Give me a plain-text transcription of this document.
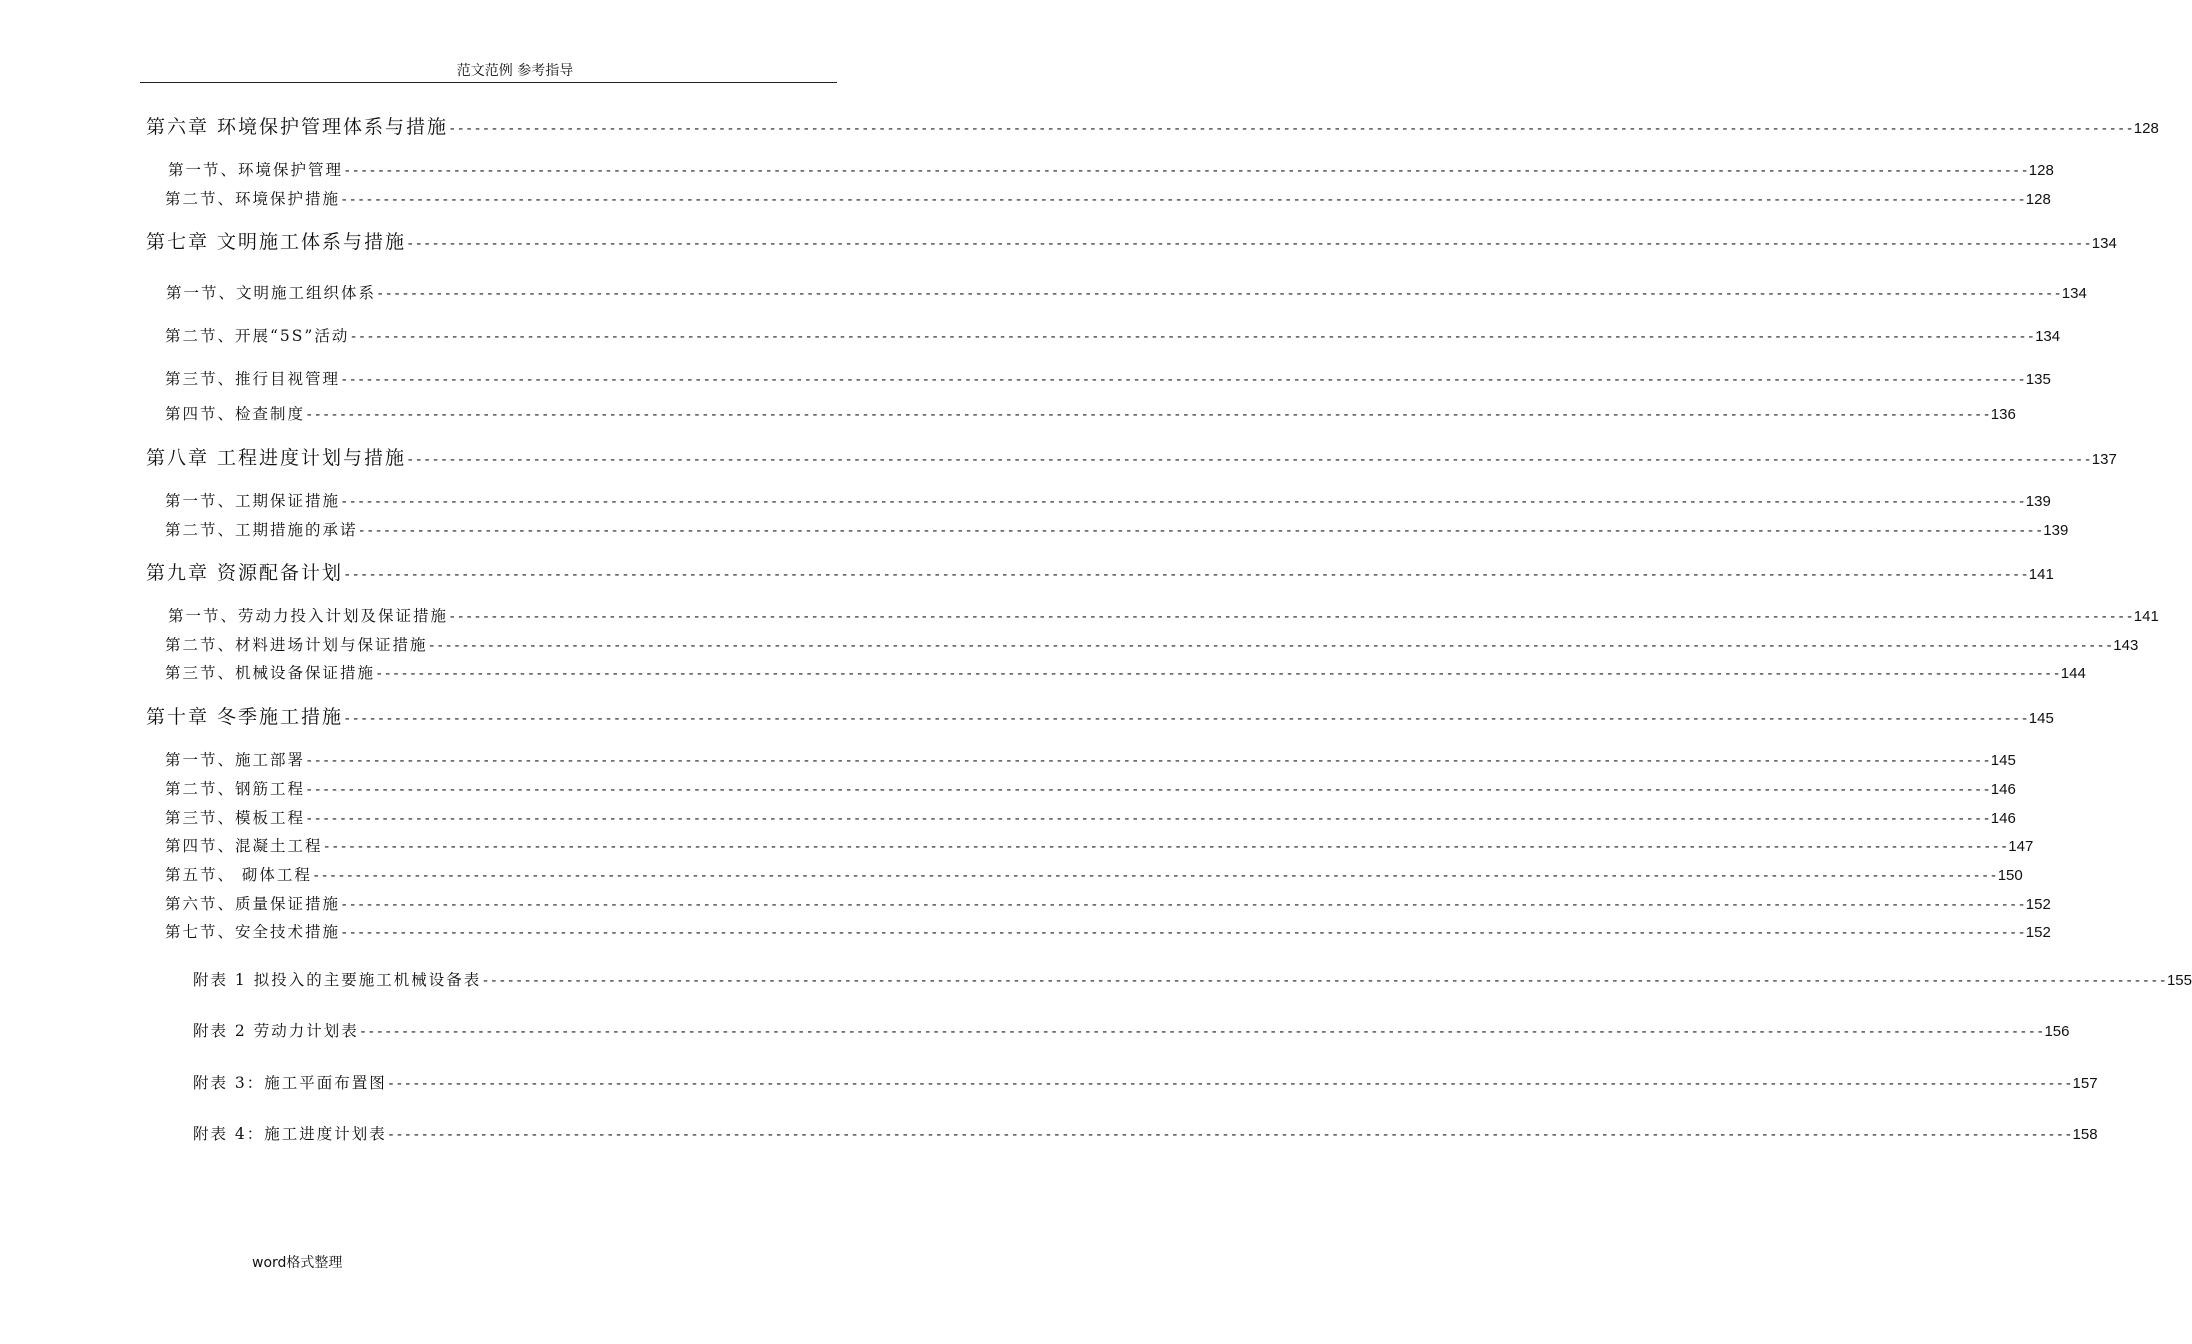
范文范例 参考指导
第六章 环境保护管理体系与措施 -------------------------------------------------------------------------------------------------------------------------------------------------------------------------------------------------------- 128
第一节、环境保护管理 -------------------------------------------------------------------------------------------------------------------------------------------------------------------------------------------------------- 128
第二节、环境保护措施 -------------------------------------------------------------------------------------------------------------------------------------------------------------------------------------------------------- 128
第七章 文明施工体系与措施 -------------------------------------------------------------------------------------------------------------------------------------------------------------------------------------------------------- 134
第一节、文明施工组织体系 -------------------------------------------------------------------------------------------------------------------------------------------------------------------------------------------------------- 134
第二节、开展“5S”活动 -------------------------------------------------------------------------------------------------------------------------------------------------------------------------------------------------------- 134
第三节、推行目视管理 -------------------------------------------------------------------------------------------------------------------------------------------------------------------------------------------------------- 135
第四节、检查制度 -------------------------------------------------------------------------------------------------------------------------------------------------------------------------------------------------------- 136
第八章 工程进度计划与措施 -------------------------------------------------------------------------------------------------------------------------------------------------------------------------------------------------------- 137
第一节、工期保证措施 -------------------------------------------------------------------------------------------------------------------------------------------------------------------------------------------------------- 139
第二节、工期措施的承诺 -------------------------------------------------------------------------------------------------------------------------------------------------------------------------------------------------------- 139
第九章 资源配备计划 -------------------------------------------------------------------------------------------------------------------------------------------------------------------------------------------------------- 141
第一节、劳动力投入计划及保证措施 -------------------------------------------------------------------------------------------------------------------------------------------------------------------------------------------------------- 141
第二节、材料进场计划与保证措施 -------------------------------------------------------------------------------------------------------------------------------------------------------------------------------------------------------- 143
第三节、机械设备保证措施 -------------------------------------------------------------------------------------------------------------------------------------------------------------------------------------------------------- 144
第十章 冬季施工措施 -------------------------------------------------------------------------------------------------------------------------------------------------------------------------------------------------------- 145
第一节、施工部署 -------------------------------------------------------------------------------------------------------------------------------------------------------------------------------------------------------- 145
第二节、钢筋工程 -------------------------------------------------------------------------------------------------------------------------------------------------------------------------------------------------------- 146
第三节、模板工程 -------------------------------------------------------------------------------------------------------------------------------------------------------------------------------------------------------- 146
第四节、混凝土工程 -------------------------------------------------------------------------------------------------------------------------------------------------------------------------------------------------------- 147
第五节、 砌体工程 -------------------------------------------------------------------------------------------------------------------------------------------------------------------------------------------------------- 150
第六节、质量保证措施 -------------------------------------------------------------------------------------------------------------------------------------------------------------------------------------------------------- 152
第七节、安全技术措施 -------------------------------------------------------------------------------------------------------------------------------------------------------------------------------------------------------- 152
附表 1 拟投入的主要施工机械设备表 -------------------------------------------------------------------------------------------------------------------------------------------------------------------------------------------------------- 155
附表 2 劳动力计划表 -------------------------------------------------------------------------------------------------------------------------------------------------------------------------------------------------------- 156
附表 3：施工平面布置图 -------------------------------------------------------------------------------------------------------------------------------------------------------------------------------------------------------- 157
附表 4：施工进度计划表 -------------------------------------------------------------------------------------------------------------------------------------------------------------------------------------------------------- 158
word格式整理
